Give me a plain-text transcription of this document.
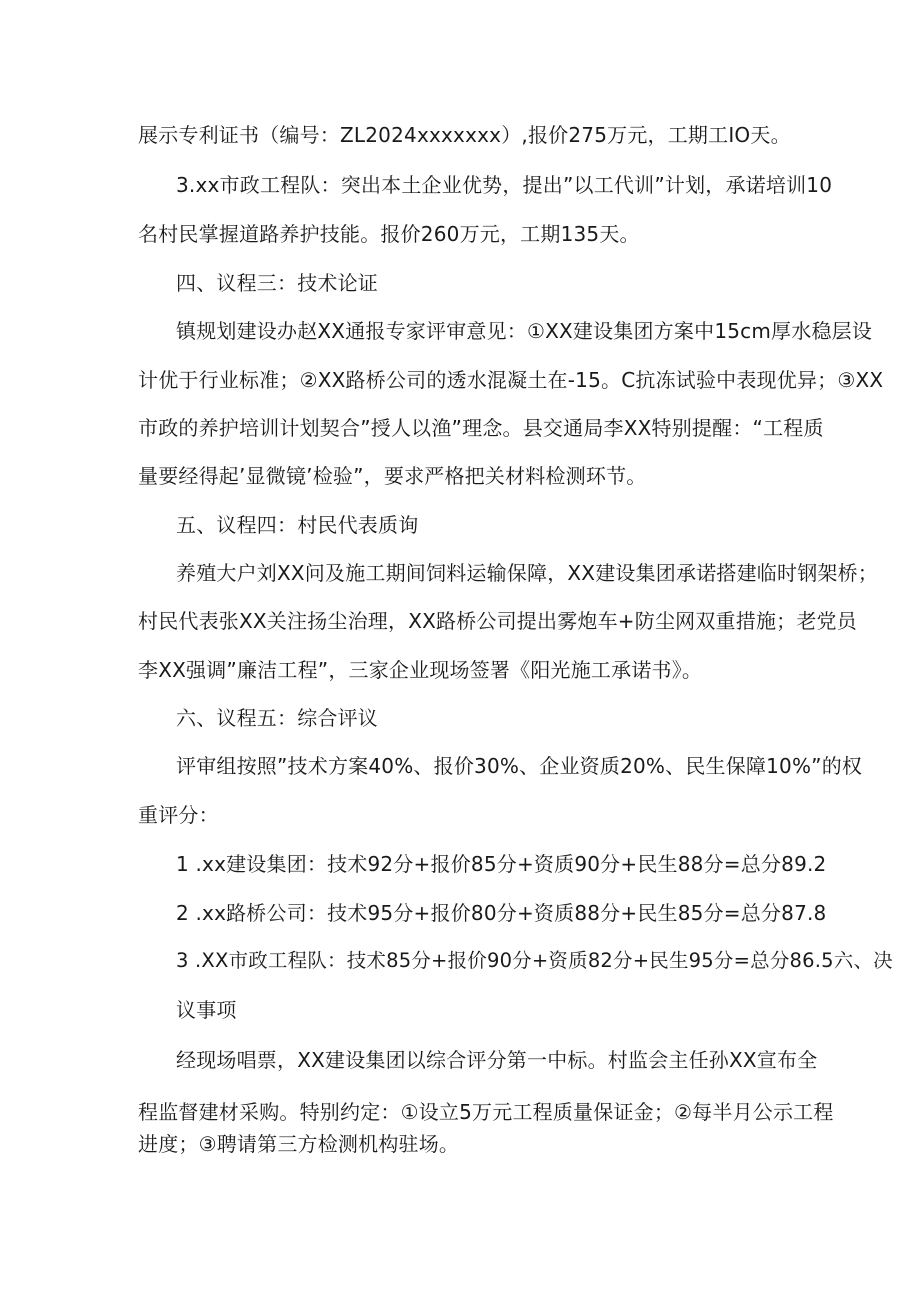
展示专利证书（编号：ZL2024xxxxxxx）,报价275万元，工期工IO天。
3.xx市政工程队：突出本土企业优势，提出”以工代训”计划，承诺培训10
名村民掌握道路养护技能。报价260万元，工期135天。
四、议程三：技术论证
镇规划建设办赵XX通报专家评审意见：①XX建设集团方案中15cm厚水稳层设
计优于行业标准；②XX路桥公司的透水混凝土在-15。C抗冻试验中表现优异；③XX
市政的养护培训计划契合”授人以渔”理念。县交通局李XX特别提醒：“工程质
量要经得起’显微镜’检验”，要求严格把关材料检测环节。
五、议程四：村民代表质询
养殖大户刘XX问及施工期间饲料运输保障，XX建设集团承诺搭建临时钢架桥；
村民代表张XX关注扬尘治理，XX路桥公司提出雾炮车+防尘网双重措施；老党员
李XX强调”廉洁工程”，三家企业现场签署《阳光施工承诺书》。
六、议程五：综合评议
评审组按照”技术方案40%、报价30%、企业资质20%、民生保障10%”的权
重评分：
1 .xx建设集团：技术92分+报价85分+资质90分+民生88分=总分89.2
2 .xx路桥公司：技术95分+报价80分+资质88分+民生85分=总分87.8
3 .XX市政工程队：技术85分+报价90分+资质82分+民生95分=总分86.5六、决
议事项
经现场唱票，XX建设集团以综合评分第一中标。村监会主任孙XX宣布全
程监督建材采购。特别约定：①设立5万元工程质量保证金；②每半月公示工程
进度；③聘请第三方检测机构驻场。
